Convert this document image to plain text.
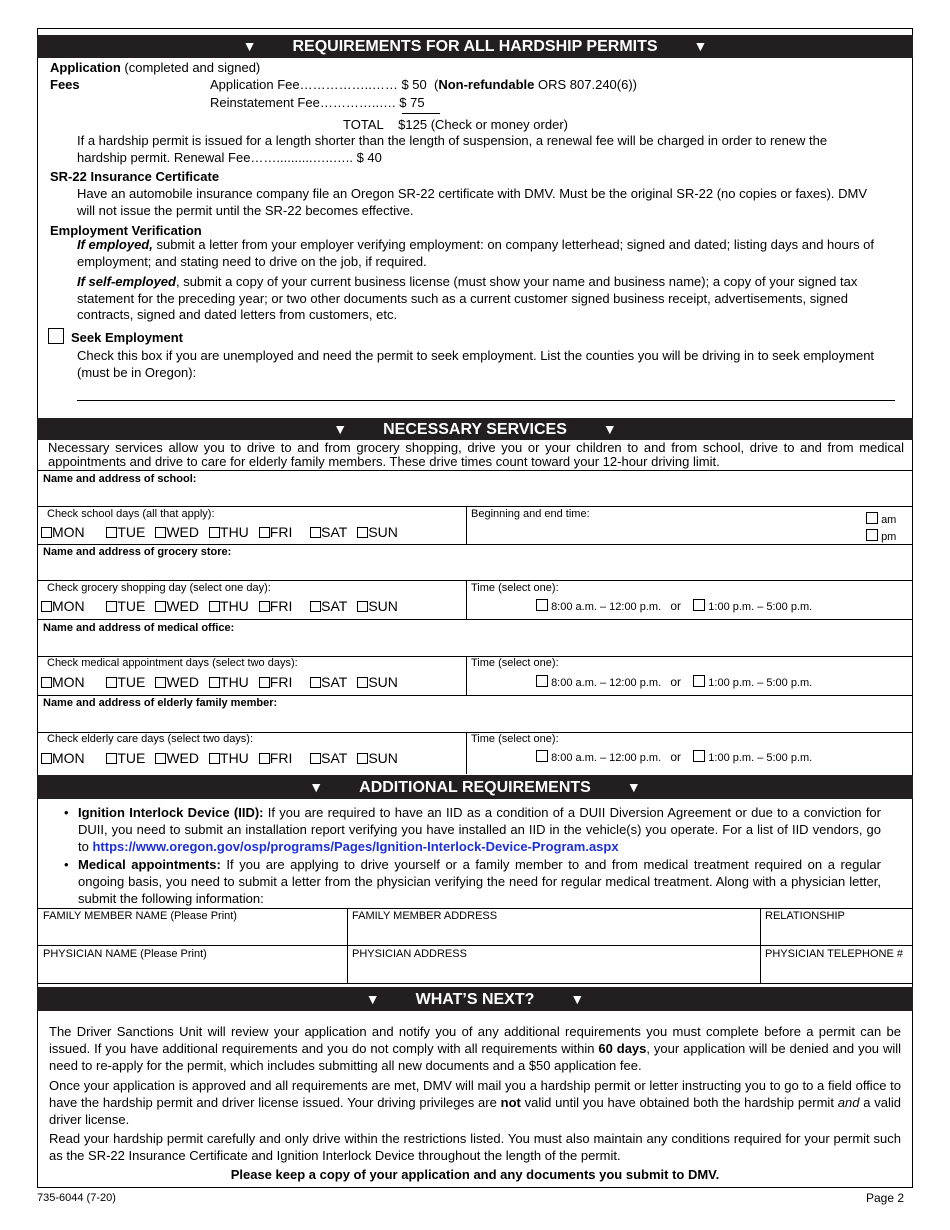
▼ REQUIREMENTS FOR ALL HARDSHIP PERMITS	▼
Application (completed and signed)
Fees	Application Fee……………..…… $ 50  (Non-refundable ORS 807.240(6))
Reinstatement Fee…………..…. $ 75
TOTAL $125 (Check or money order)
If a hardship permit is issued for a length shorter than the length of suspension, a renewal fee will be charged in order to renew the hardship permit. Renewal Fee……..........…..….. $ 40
SR-22 Insurance Certificate
Have an automobile insurance company file an Oregon SR-22 certificate with DMV. Must be the original SR-22 (no copies or faxes). DMV will not issue the permit until the SR-22 becomes effective.
Employment Verification
If employed, submit a letter from your employer verifying employment: on company letterhead; signed and dated; listing days and hours of employment; and stating need to drive on the job, if required.
If self-employed, submit a copy of your current business license (must show your name and business name); a copy of your signed tax statement for the preceding year; or two other documents such as a current customer signed business receipt, advertisements, signed contracts, signed and dated letters from customers, etc.
Seek Employment
Check this box if you are unemployed and need the permit to seek employment. List the counties you will be driving in to seek employment (must be in Oregon):
▼ NECESSARY SERVICES	▼
Necessary services allow you to drive to and from grocery shopping, drive you or your children to and from school, drive to and from medical appointments and drive to care for elderly family members. These drive times count toward your 12-hour driving limit.
Name and address of school:
Check school days (all that apply):
MON TUE WED THU FRI SAT SUN
Beginning and end time:	am
pm
Name and address of grocery store:
Check grocery shopping day (select one day):
MON TUE WED THU FRI SAT SUN
Time (select one):
8:00 a.m. – 12:00 p.m. or 1:00 p.m. – 5:00 p.m.
Name and address of medical office:
Check medical appointment days (select two days):
MON TUE WED THU FRI SAT SUN
Time (select one):
8:00 a.m. – 12:00 p.m. or 1:00 p.m. – 5:00 p.m.
Name and address of elderly family member:
Check elderly care days (select two days):
MON TUE WED THU FRI SAT SUN
Time (select one):
8:00 a.m. – 12:00 p.m. or 1:00 p.m. – 5:00 p.m.
▼ ADDITIONAL REQUIREMENTS	▼
• Ignition Interlock Device (IID): If you are required to have an IID as a condition of a DUII Diversion Agreement or due to a conviction for DUII, you need to submit an installation report verifying you have installed an IID in the vehicle(s) you operate. For a list of IID vendors, go to https://www.oregon.gov/osp/programs/Pages/Ignition-Interlock-Device-Program.aspx
• Medical appointments: If you are applying to drive yourself or a family member to and from medical treatment required on a regular ongoing basis, you need to submit a letter from the physician verifying the need for regular medical treatment. Along with a physician letter, submit the following information:
FAMILY MEMBER NAME (Please Print)	FAMILY MEMBER ADDRESS	RELATIONSHIP
PHYSICIAN NAME (Please Print)	PHYSICIAN ADDRESS	PHYSICIAN TELEPHONE #
▼ WHAT’S NEXT?	▼
The Driver Sanctions Unit will review your application and notify you of any additional requirements you must complete before a permit can be issued. If you have additional requirements and you do not comply with all requirements within 60 days, your application will be denied and you will need to re-apply for the permit, which includes submitting all new documents and a $50 application fee.
Once your application is approved and all requirements are met, DMV will mail you a hardship permit or letter instructing you to go to a field office to have the hardship permit and driver license issued. Your driving privileges are not valid until you have obtained both the hardship permit and a valid driver license.
Read your hardship permit carefully and only drive within the restrictions listed. You must also maintain any conditions required for your permit such as the SR-22 Insurance Certificate and Ignition Interlock Device throughout the length of the permit.
Please keep a copy of your application and any documents you submit to DMV.
735-6044 (7-20)	Page 2
